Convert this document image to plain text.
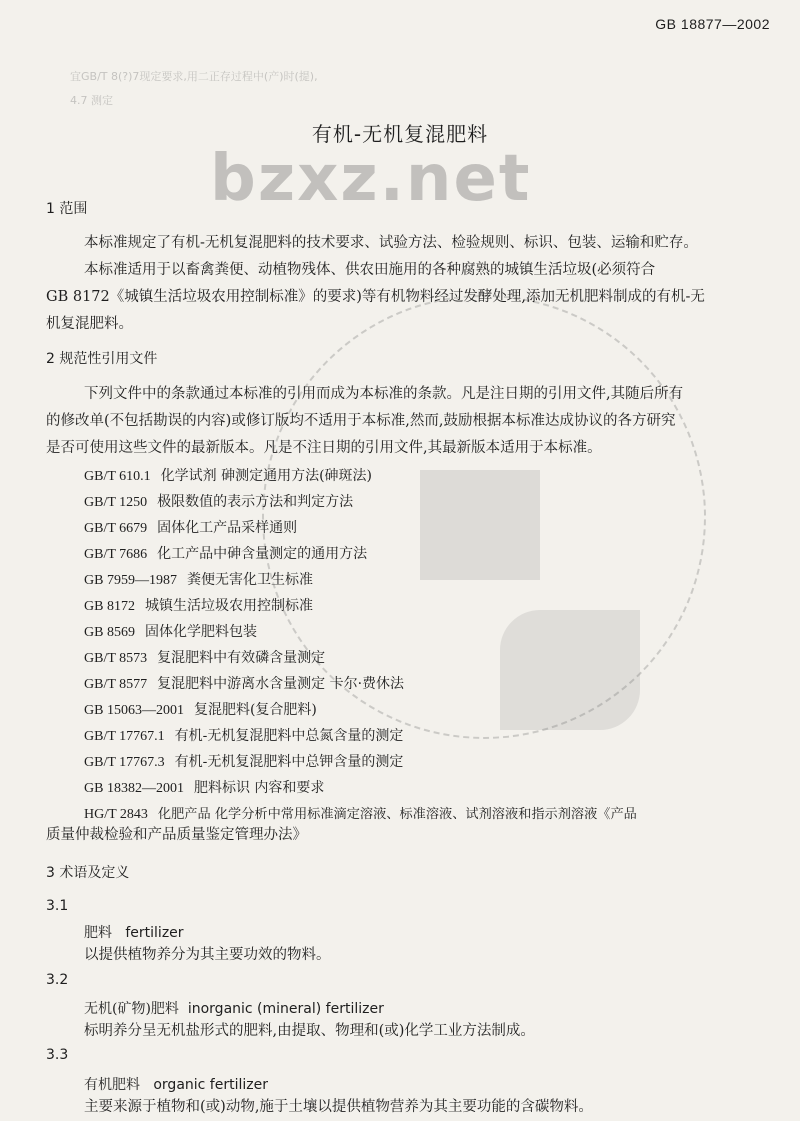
GB 18877—2002
宜GB/T 8(?)7现定要求,用二正存过程中(产)时(提),
4.7 测定
有机-无机复混肥料
bzxz.net
1 范围
本标准规定了有机-无机复混肥料的技术要求、试验方法、检验规则、标识、包装、运输和贮存。
本标准适用于以畜禽粪便、动植物残体、供农田施用的各种腐熟的城镇生活垃圾(必须符合
GB 8172《城镇生活垃圾农用控制标准》的要求)等有机物料经过发酵处理,添加无机肥料制成的有机-无
机复混肥料。
2 规范性引用文件
下列文件中的条款通过本标准的引用而成为本标准的条款。凡是注日期的引用文件,其随后所有
的修改单(不包括勘误的内容)或修订版均不适用于本标准,然而,鼓励根据本标准达成协议的各方研究
是否可使用这些文件的最新版本。凡是不注日期的引用文件,其最新版本适用于本标准。
GB/T 610.1 化学试剂 砷测定通用方法(砷斑法)
GB/T 1250 极限数值的表示方法和判定方法
GB/T 6679 固体化工产品采样通则
GB/T 7686 化工产品中砷含量测定的通用方法
GB 7959—1987 粪便无害化卫生标准
GB 8172 城镇生活垃圾农用控制标准
GB 8569 固体化学肥料包装
GB/T 8573 复混肥料中有效磷含量测定
GB/T 8577 复混肥料中游离水含量测定 卡尔·费休法
GB 15063—2001 复混肥料(复合肥料)
GB/T 17767.1 有机-无机复混肥料中总氮含量的测定
GB/T 17767.3 有机-无机复混肥料中总钾含量的测定
GB 18382—2001 肥料标识 内容和要求
HG/T 2843 化肥产品 化学分析中常用标准滴定溶液、标准溶液、试剂溶液和指示剂溶液《产品
质量仲裁检验和产品质量鉴定管理办法》
3 术语及定义
3.1
肥料 fertilizer
以提供植物养分为其主要功效的物料。
3.2
无机(矿物)肥料 inorganic (mineral) fertilizer
标明养分呈无机盐形式的肥料,由提取、物理和(或)化学工业方法制成。
3.3
有机肥料 organic fertilizer
主要来源于植物和(或)动物,施于土壤以提供植物营养为其主要功能的含碳物料。
